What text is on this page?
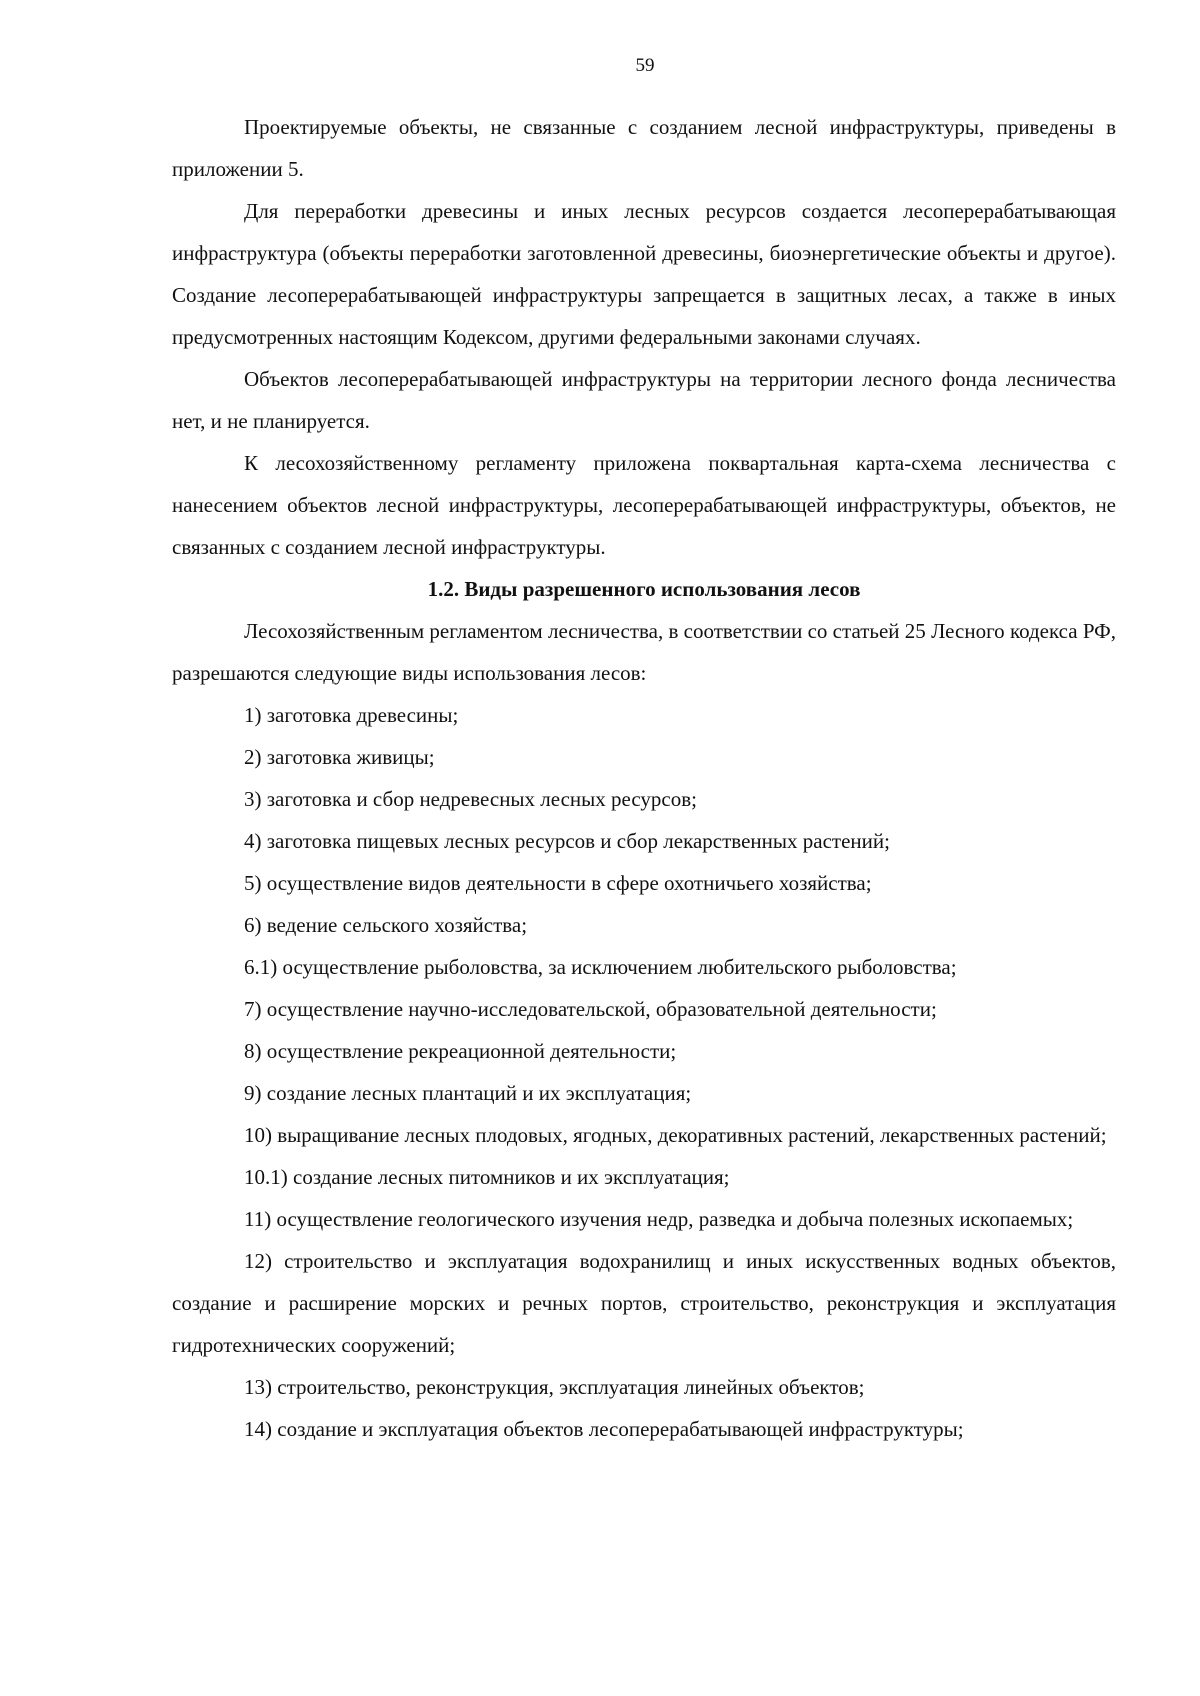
59

Проектируемые объекты, не связанные с созданием лесной инфраструктуры, приведены в приложении 5.

Для переработки древесины и иных лесных ресурсов создается лесоперерабатывающая инфраструктура (объекты переработки заготовленной древесины, биоэнергетические объекты и другое). Создание лесоперерабатывающей инфраструктуры запрещается в защитных лесах, а также в иных предусмотренных настоящим Кодексом, другими федеральными законами случаях.

Объектов лесоперерабатывающей инфраструктуры на территории лесного фонда лесничества нет, и не планируется.

К лесохозяйственному регламенту приложена поквартальная карта-схема лесничества с нанесением объектов лесной инфраструктуры, лесоперерабатывающей инфраструктуры, объектов, не связанных с созданием лесной инфраструктуры.

1.2. Виды разрешенного использования лесов

Лесохозяйственным регламентом лесничества, в соответствии со статьей 25 Лесного кодекса РФ, разрешаются следующие виды использования лесов:

1) заготовка древесины;

2) заготовка живицы;

3) заготовка и сбор недревесных лесных ресурсов;

4) заготовка пищевых лесных ресурсов и сбор лекарственных растений;

5) осуществление видов деятельности в сфере охотничьего хозяйства;

6) ведение сельского хозяйства;

6.1) осуществление рыболовства, за исключением любительского рыболовства;

7) осуществление научно-исследовательской, образовательной деятельности;

8) осуществление рекреационной деятельности;

9) создание лесных плантаций и их эксплуатация;

10) выращивание лесных плодовых, ягодных, декоративных растений, лекарственных растений;

10.1) создание лесных питомников и их эксплуатация;

11) осуществление геологического изучения недр, разведка и добыча полезных ископаемых;

12) строительство и эксплуатация водохранилищ и иных искусственных водных объектов, создание и расширение морских и речных портов, строительство, реконструкция и эксплуатация гидротехнических сооружений;

13) строительство, реконструкция, эксплуатация линейных объектов;

14) создание и эксплуатация объектов лесоперерабатывающей инфраструктуры;
